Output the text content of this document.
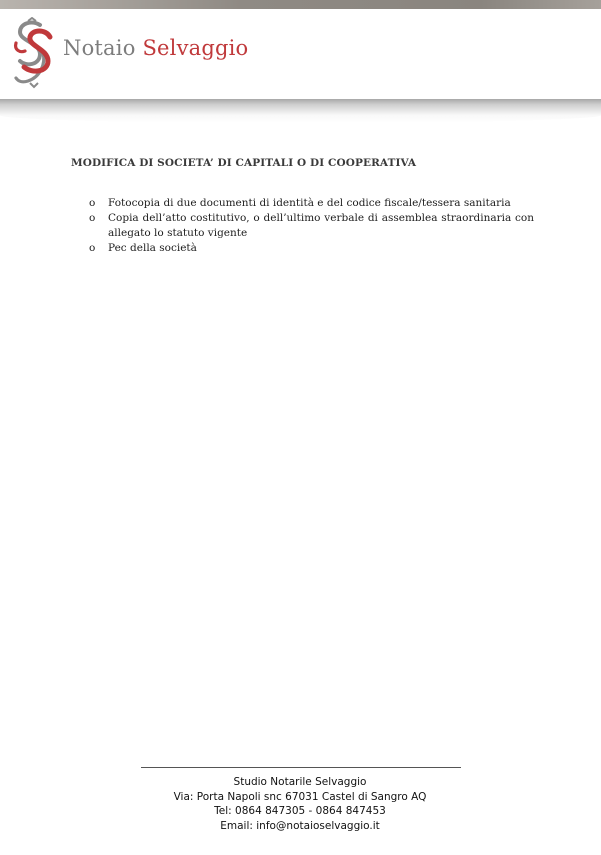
Notaio Selvaggio
MODIFICA DI SOCIETA’ DI CAPITALI O DI COOPERATIVA
o Fotocopia di due documenti di identità e del codice fiscale/tessera sanitaria
o Copia dell’atto costitutivo, o dell’ultimo verbale di assemblea straordinaria con allegato lo statuto vigente
o Pec della società
Studio Notarile Selvaggio
Via: Porta Napoli snc 67031 Castel di Sangro AQ
Tel: 0864 847305 - 0864 847453
Email: info@notaioselvaggio.it
